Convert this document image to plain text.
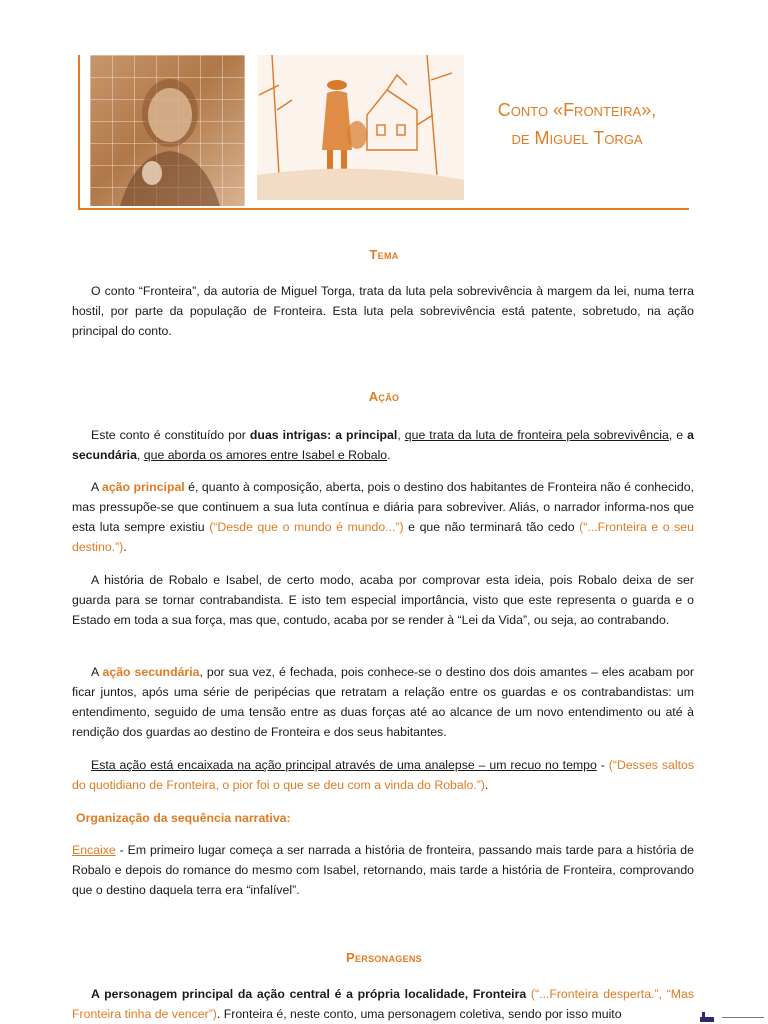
Conto «Fronteira»,
de Miguel Torga
Tema
O conto “Fronteira”, da autoria de Miguel Torga, trata da luta pela sobrevivência à margem da lei, numa terra hostil, por parte da população de Fronteira. Esta luta pela sobrevivência está patente, sobretudo, na ação principal do conto.
Ação
Este conto é constituído por duas intrigas: a principal, que trata da luta de fronteira pela sobrevivência, e a secundária, que aborda os amores entre Isabel e Robalo.
A ação principal é, quanto à composição, aberta, pois o destino dos habitantes de Fronteira não é conhecido, mas pressupõe-se que continuem a sua luta contínua e diária para sobreviver. Aliás, o narrador informa-nos que esta luta sempre existiu (“Desde que o mundo é mundo...”) e que não terminará tão cedo (“...Fronteira e o seu destino.”).
A história de Robalo e Isabel, de certo modo, acaba por comprovar esta ideia, pois Robalo deixa de ser guarda para se tornar contrabandista. E isto tem especial importância, visto que este representa o guarda e o Estado em toda a sua força, mas que, contudo, acaba por se render à “Lei da Vida”, ou seja, ao contrabando.
A ação secundária, por sua vez, é fechada, pois conhece-se o destino dos dois amantes – eles acabam por ficar juntos, após uma série de peripécias que retratam a relação entre os guardas e os contrabandistas: um entendimento, seguido de uma tensão entre as duas forças até ao alcance de um novo entendimento ou até à rendição dos guardas ao destino de Fronteira e dos seus habitantes.
Esta ação está encaixada na ação principal através de uma analepse – um recuo no tempo - (“Desses saltos do quotidiano de Fronteira, o pior foi o que se deu com a vinda do Robalo.”).
Organização da sequência narrativa:
Encaixe - Em primeiro lugar começa a ser narrada a história de fronteira, passando mais tarde para a história de Robalo e depois do romance do mesmo com Isabel, retornando, mais tarde a história de Fronteira, comprovando que o destino daquela terra era “infalível”.
Personagens
A personagem principal da ação central é a própria localidade, Fronteira (“...Fronteira desperta.”, “Mas Fronteira tinha de vencer”). Fronteira é, neste conto, uma personagem coletiva, sendo por isso muito
